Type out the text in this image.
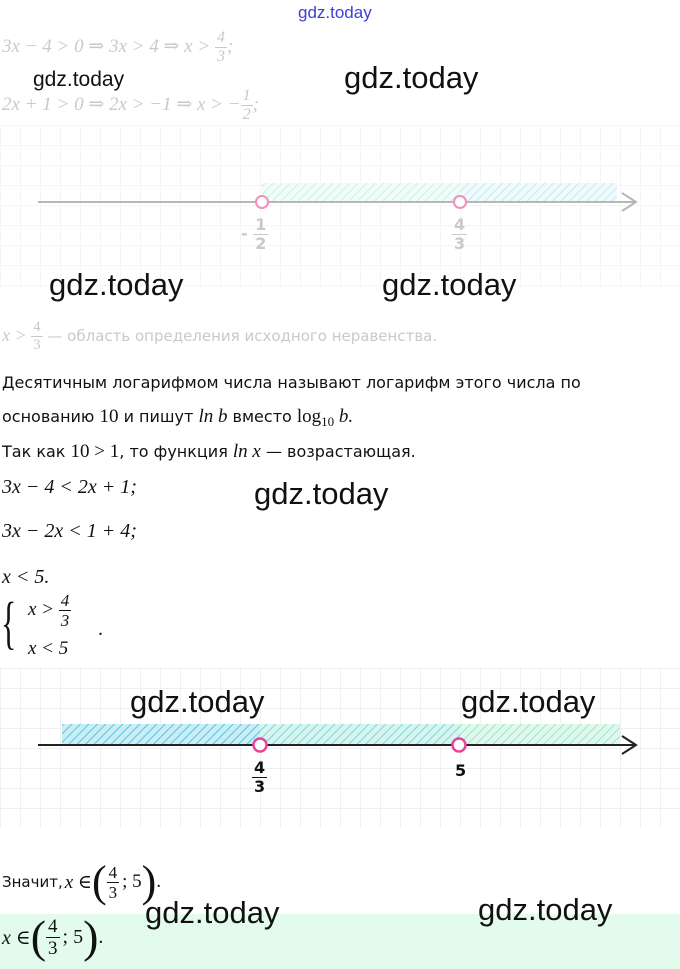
gdz.today
3x − 4 > 0 ⇒ 3x > 4 ⇒ $x > \frac{4}{3}$ ;
2x + 1 > 0 ⇒ 2x > −1 ⇒ x > − $\frac{1}{2}$ ;
- $\frac{1}{2}$	$\frac{4}{3}$
$x > \frac{4}{3}$ — область определения исходного неравенства.
Десятичным логарифмом числа называют логарифм этого числа по
основанию 10 и пишут ln b вместо $\log_{10} b$.
Так как 10 > 1, то функция ln x — возрастающая.
3x − 4 < 2x + 1;
3x − 2x < 1 + 4;
x < 5.
{ $x > \frac{4}{3}$ .
x < 5
$\frac{4}{3}$	5
Значит, x ∈ ( $\frac{4}{3}$ ; 5 ) .
x ∈ ( $\frac{4}{3}$ ; 5 ) .
gdz.today	gdz.today
gdz.today	gdz.today
gdz.today
gdz.today	gdz.today
gdz.today	gdz.today
